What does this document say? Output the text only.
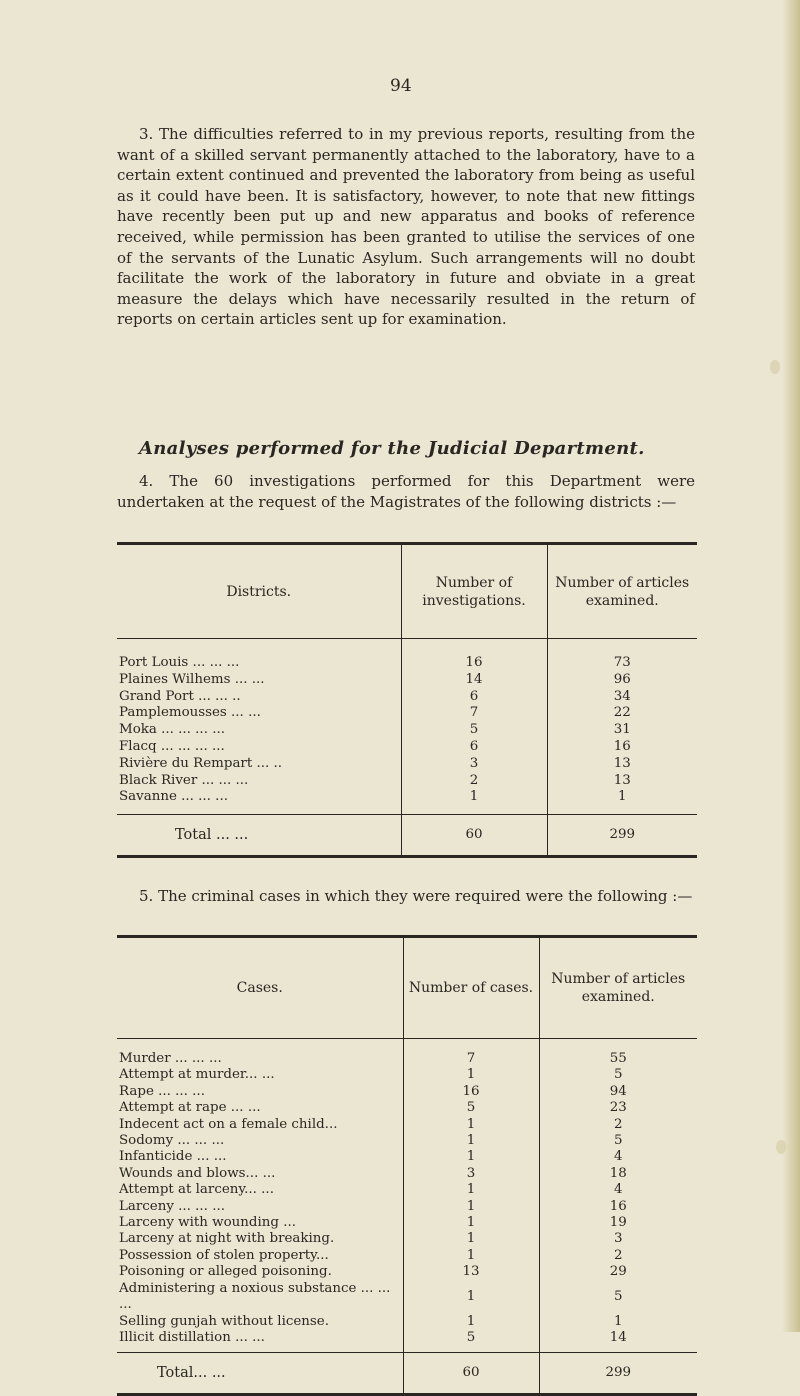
94

3. The difficulties referred to in my previous reports, resulting from the want of a skilled servant permanently attached to the laboratory, have to a certain extent continued and prevented the laboratory from being as useful as it could have been. It is satisfactory, however, to note that new fittings have recently been put up and new apparatus and books of reference received, while permission has been granted to utilise the services of one of the servants of the Lunatic Asylum. Such arrangements will no doubt facilitate the work of the laboratory in future and obviate in a great measure the delays which have necessarily resulted in the return of reports on certain articles sent up for examination.

Analyses performed for the Judicial Department.

4. The 60 investigations performed for this Department were undertaken at the request of the Magistrates of the following districts :—

Districts.	Number of investigations.	Number of articles examined.
Port Louis ... ... ...	16	73
Plaines Wilhems ... ...	14	96
Grand Port ... ... ..	6	34
Pamplemousses ... ...	7	22
Moka ... ... ... ...	5	31
Flacq ... ... ... ...	6	16
Rivière du Rempart ... ..	3	13
Black River ... ... ...	2	13
Savanne ... ... ...	1	1
Total ... ...	60	299

5. The criminal cases in which they were required were the following :—

Cases.	Number of cases.	Number of articles examined.
Murder ... ... ...	7	55
Attempt at murder... ...	1	5
Rape ... ... ...	16	94
Attempt at rape ... ...	5	23
Indecent act on a female child...	1	2
Sodomy ... ... ...	1	5
Infanticide ... ...	1	4
Wounds and blows... ...	3	18
Attempt at larceny... ...	1	4
Larceny ... ... ...	1	16
Larceny with wounding ...	1	19
Larceny at night with breaking.	1	3
Possession of stolen property...	1	2
Poisoning or alleged poisoning.	13	29
Administering a noxious substance ... ... ...	1	5
Selling gunjah without license.	1	1
Illicit distillation ... ...	5	14
Total... ...	60	299
